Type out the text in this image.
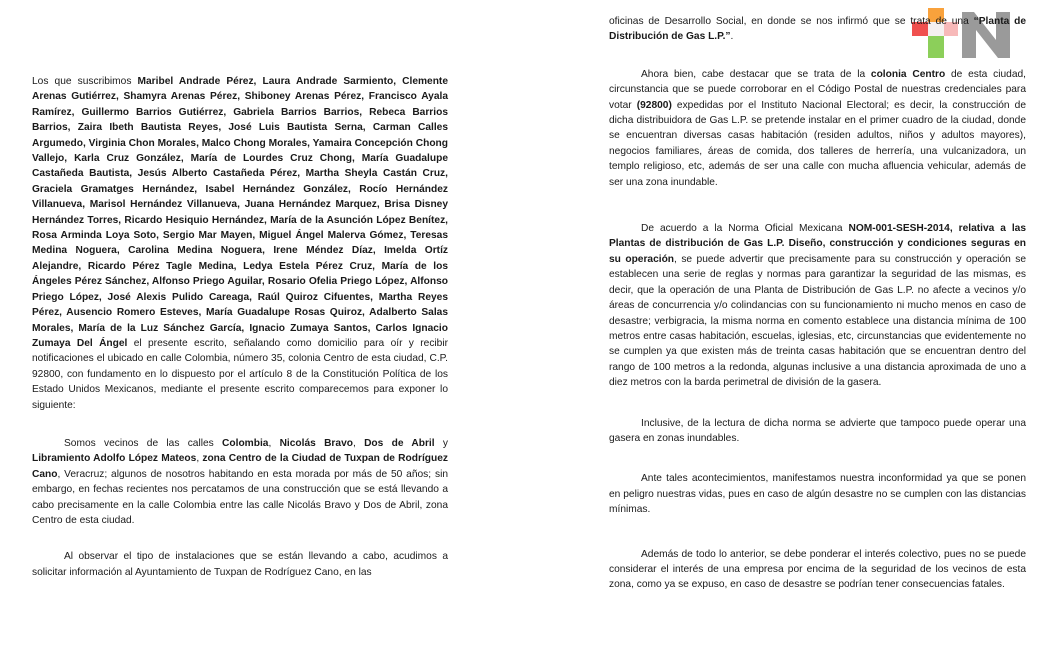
Los que suscribimos Maribel Andrade Pérez, Laura Andrade Sarmiento, Clemente Arenas Gutiérrez, Shamyra Arenas Pérez, Shiboney Arenas Pérez, Francisco Ayala Ramírez, Guillermo Barrios Gutiérrez, Gabriela Barrios Barrios, Rebeca Barrios Barrios, Zaira Ibeth Bautista Reyes, José Luis Bautista Serna, Carman Calles Argumedo, Virginia Chon Morales, Malco Chong Morales, Yamaira Concepción Chong Vallejo, Karla Cruz González, María de Lourdes Cruz Chong, María Guadalupe Castañeda Bautista, Jesús Alberto Castañeda Pérez, Martha Sheyla Castán Cruz, Graciela Gramatges Hernández, Isabel Hernández González, Rocío Hernández Villanueva, Marisol Hernández Villanueva, Juana Hernández Marquez, Brisa Disney Hernández Torres, Ricardo Hesiquio Hernández, María de la Asunción López Benítez, Rosa Arminda Loya Soto, Sergio Mar Mayen, Miguel Ángel Malerva Gómez, Teresas Medina Noguera, Carolina Medina Noguera, Irene Méndez Díaz, Imelda Ortíz Alejandre, Ricardo Pérez Tagle Medina, Ledya Estela Pérez Cruz, María de los Ángeles Pérez Sánchez, Alfonso Priego Aguilar, Rosario Ofelia Priego López, Alfonso Priego López, José Alexis Pulido Careaga, Raúl Quiroz Cifuentes, Martha Reyes Pérez, Ausencio Romero Esteves, María Guadalupe Rosas Quiroz, Adalberto Salas Morales, María de la Luz Sánchez García, Ignacio Zumaya Santos, Carlos Ignacio Zumaya Del Ángel el presente escrito, señalando como domicilio para oír y recibir notificaciones el ubicado en calle Colombia, número 35, colonia Centro de esta ciudad, C.P. 92800, con fundamento en lo dispuesto por el artículo 8 de la Constitución Política de los Estado Unidos Mexicanos, mediante el presente escrito comparecemos para exponer lo siguiente:

Somos vecinos de las calles Colombia, Nicolás Bravo, Dos de Abril y Libramiento Adolfo López Mateos, zona Centro de la Ciudad de Tuxpan de Rodríguez Cano, Veracruz; algunos de nosotros habitando en esta morada por más de 50 años; sin embargo, en fechas recientes nos percatamos de una construcción que se está llevando a cabo precisamente en la calle Colombia entre las calle Nicolás Bravo y Dos de Abril, zona Centro de esta ciudad.

Al observar el tipo de instalaciones que se están llevando a cabo, acudimos a solicitar información al Ayuntamiento de Tuxpan de Rodríguez Cano, en las

oficinas de Desarrollo Social, en donde se nos infirmó que se trata de una “Planta de Distribución de Gas L.P.”.

Ahora bien, cabe destacar que se trata de la colonia Centro de esta ciudad, circunstancia que se puede corroborar en el Código Postal de nuestras credenciales para votar (92800) expedidas por el Instituto Nacional Electoral; es decir, la construcción de dicha distribuidora de Gas L.P. se pretende instalar en el primer cuadro de la ciudad, donde se encuentran diversas casas habitación (residen adultos, niños y adultos mayores), negocios familiares, áreas de comida, dos talleres de herrería, una vulcanizadora, un templo religioso, etc, además de ser una calle con mucha afluencia vehicular, además de ser una zona inundable.

De acuerdo a la Norma Oficial Mexicana NOM-001-SESH-2014, relativa a las Plantas de distribución de Gas L.P. Diseño, construcción y condiciones seguras en su operación, se puede advertir que precisamente para su construcción y operación se establecen una serie de reglas y normas para garantizar la seguridad de las mismas, es decir, que la operación de una Planta de Distribución de Gas L.P. no afecte a vecinos y/o áreas de concurrencia y/o colindancias con su funcionamiento ni mucho menos en caso de desastre; verbigracia, la misma norma en comento establece una distancia mínima de 100 metros entre casas habitación, escuelas, iglesias, etc, circunstancias que evidentemente no se cumplen ya que existen más de treinta casas habitación que se encuentran dentro del rango de 100 metros a la redonda, algunas inclusive a una distancia aproximada de uno a diez metros con la barda perimetral de división de la gasera.

Inclusive, de la lectura de dicha norma se advierte que tampoco puede operar una gasera en zonas inundables.

Ante tales acontecimientos, manifestamos nuestra inconformidad ya que se ponen en peligro nuestras vidas, pues en caso de algún desastre no se cumplen con las distancias mínimas.

Además de todo lo anterior, se debe ponderar el interés colectivo, pues no se puede considerar el interés de una empresa por encima de la seguridad de los vecinos de esta zona, como ya se expuso, en caso de desastre se podrían tener consecuencias fatales.
